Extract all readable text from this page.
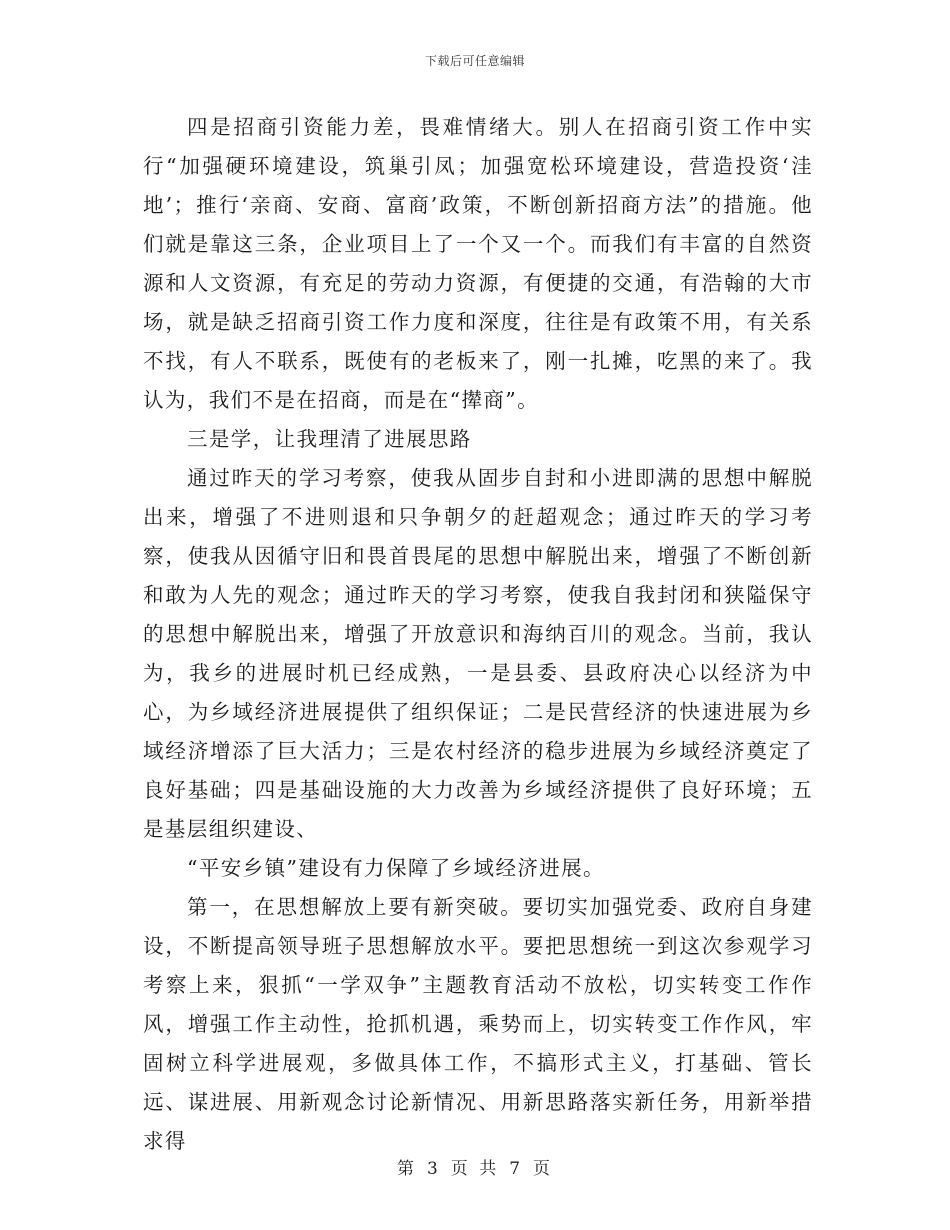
下载后可任意编辑

四是招商引资能力差，畏难情绪大。别人在招商引资工作中实行“加强硬环境建设，筑巢引凤；加强宽松环境建设，营造投资‘洼地’；推行‘亲商、安商、富商’政策，不断创新招商方法”的措施。他们就是靠这三条，企业项目上了一个又一个。而我们有丰富的自然资源和人文资源，有充足的劳动力资源，有便捷的交通，有浩翰的大市场，就是缺乏招商引资工作力度和深度，往往是有政策不用，有关系不找，有人不联系，既使有的老板来了，刚一扎摊，吃黑的来了。我认为，我们不是在招商，而是在“撵商”。

三是学，让我理清了进展思路

通过昨天的学习考察，使我从固步自封和小进即满的思想中解脱出来，增强了不进则退和只争朝夕的赶超观念；通过昨天的学习考察，使我从因循守旧和畏首畏尾的思想中解脱出来，增强了不断创新和敢为人先的观念；通过昨天的学习考察，使我自我封闭和狭隘保守的思想中解脱出来，增强了开放意识和海纳百川的观念。当前，我认为，我乡的进展时机已经成熟，一是县委、县政府决心以经济为中心，为乡域经济进展提供了组织保证；二是民营经济的快速进展为乡域经济增添了巨大活力；三是农村经济的稳步进展为乡域经济奠定了良好基础；四是基础设施的大力改善为乡域经济提供了良好环境；五是基层组织建设、

“平安乡镇”建设有力保障了乡域经济进展。

第一，在思想解放上要有新突破。要切实加强党委、政府自身建设，不断提高领导班子思想解放水平。要把思想统一到这次参观学习考察上来，狠抓“一学双争”主题教育活动不放松，切实转变工作作风，增强工作主动性，抢抓机遇，乘势而上，切实转变工作作风，牢固树立科学进展观，多做具体工作，不搞形式主义，打基础、管长远、谋进展、用新观念讨论新情况、用新思路落实新任务，用新举措求得

第 3 页 共 7 页
